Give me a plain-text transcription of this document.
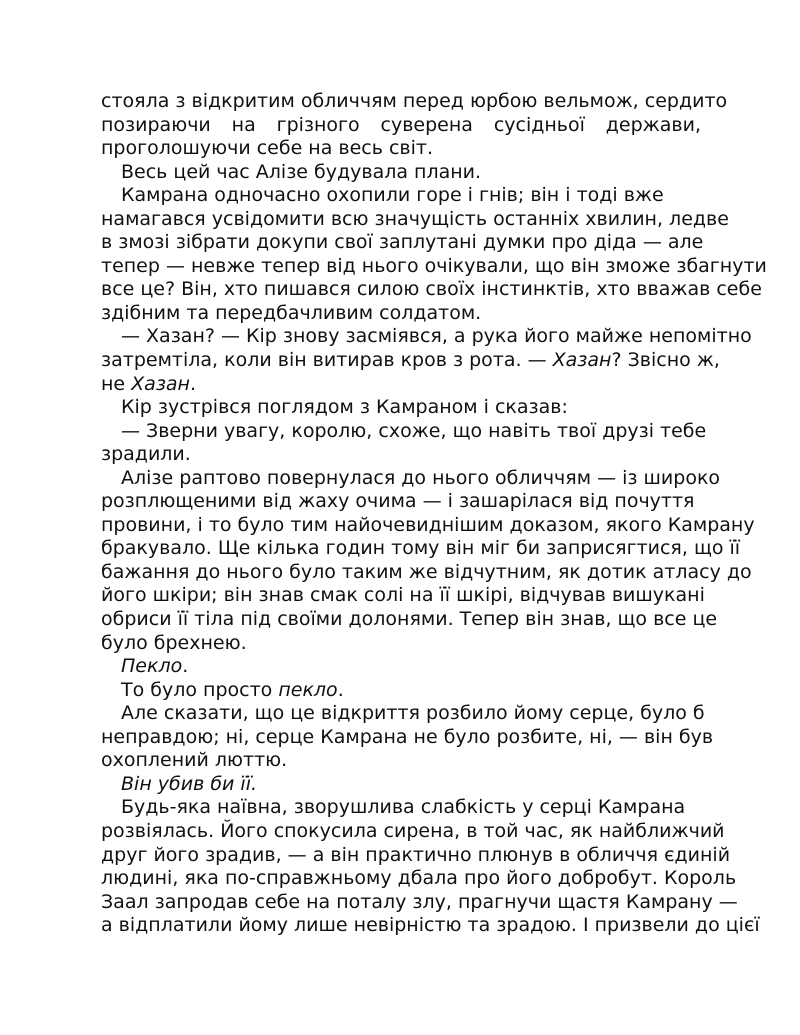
стояла з відкритим обличчям перед юрбою вельмож, сердито
позираючи на грізного суверена сусідньої держави,
проголошуючи себе на весь світ.
Весь цей час Алізе будувала плани.
Камрана одночасно охопили горе і гнів; він і тоді вже
намагався усвідомити всю значущість останніх хвилин, ледве
в змозі зібрати докупи свої заплутані думки про діда — але
тепер — невже тепер від нього очікували, що він зможе збагнути
все це? Він, хто пишався силою своїх інстинктів, хто вважав себе
здібним та передбачливим солдатом.
— Хазан? — Кір знову засміявся, а рука його майже непомітно
затремтіла, коли він витирав кров з рота. — Хазан? Звісно ж,
не Хазан.
Кір зустрівся поглядом з Камраном і сказав:
— Зверни увагу, королю, схоже, що навіть твої друзі тебе
зрадили.
Алізе раптово повернулася до нього обличчям — із широко
розплющеними від жаху очима — і зашарілася від почуття
провини, і то було тим найочевиднішим доказом, якого Камрану
бракувало. Ще кілька годин тому він міг би заприсягтися, що її
бажання до нього було таким же відчутним, як дотик атласу до
його шкіри; він знав смак солі на її шкірі, відчував вишукані
обриси її тіла під своїми долонями. Тепер він знав, що все це
було брехнею.
Пекло.
То було просто пекло.
Але сказати, що це відкриття розбило йому серце, було б
неправдою; ні, серце Камрана не було розбите, ні, — він був
охоплений люттю.
Він убив би її.
Будь-яка наївна, зворушлива слабкість у серці Камрана
розвіялась. Його спокусила сирена, в той час, як найближчий
друг його зрадив, — а він практично плюнув в обличчя єдиній
людині, яка по-справжньому дбала про його добробут. Король
Заал запродав себе на поталу злу, прагнучи щастя Камрану —
а відплатили йому лише невірністю та зрадою. І призвели до цієї
